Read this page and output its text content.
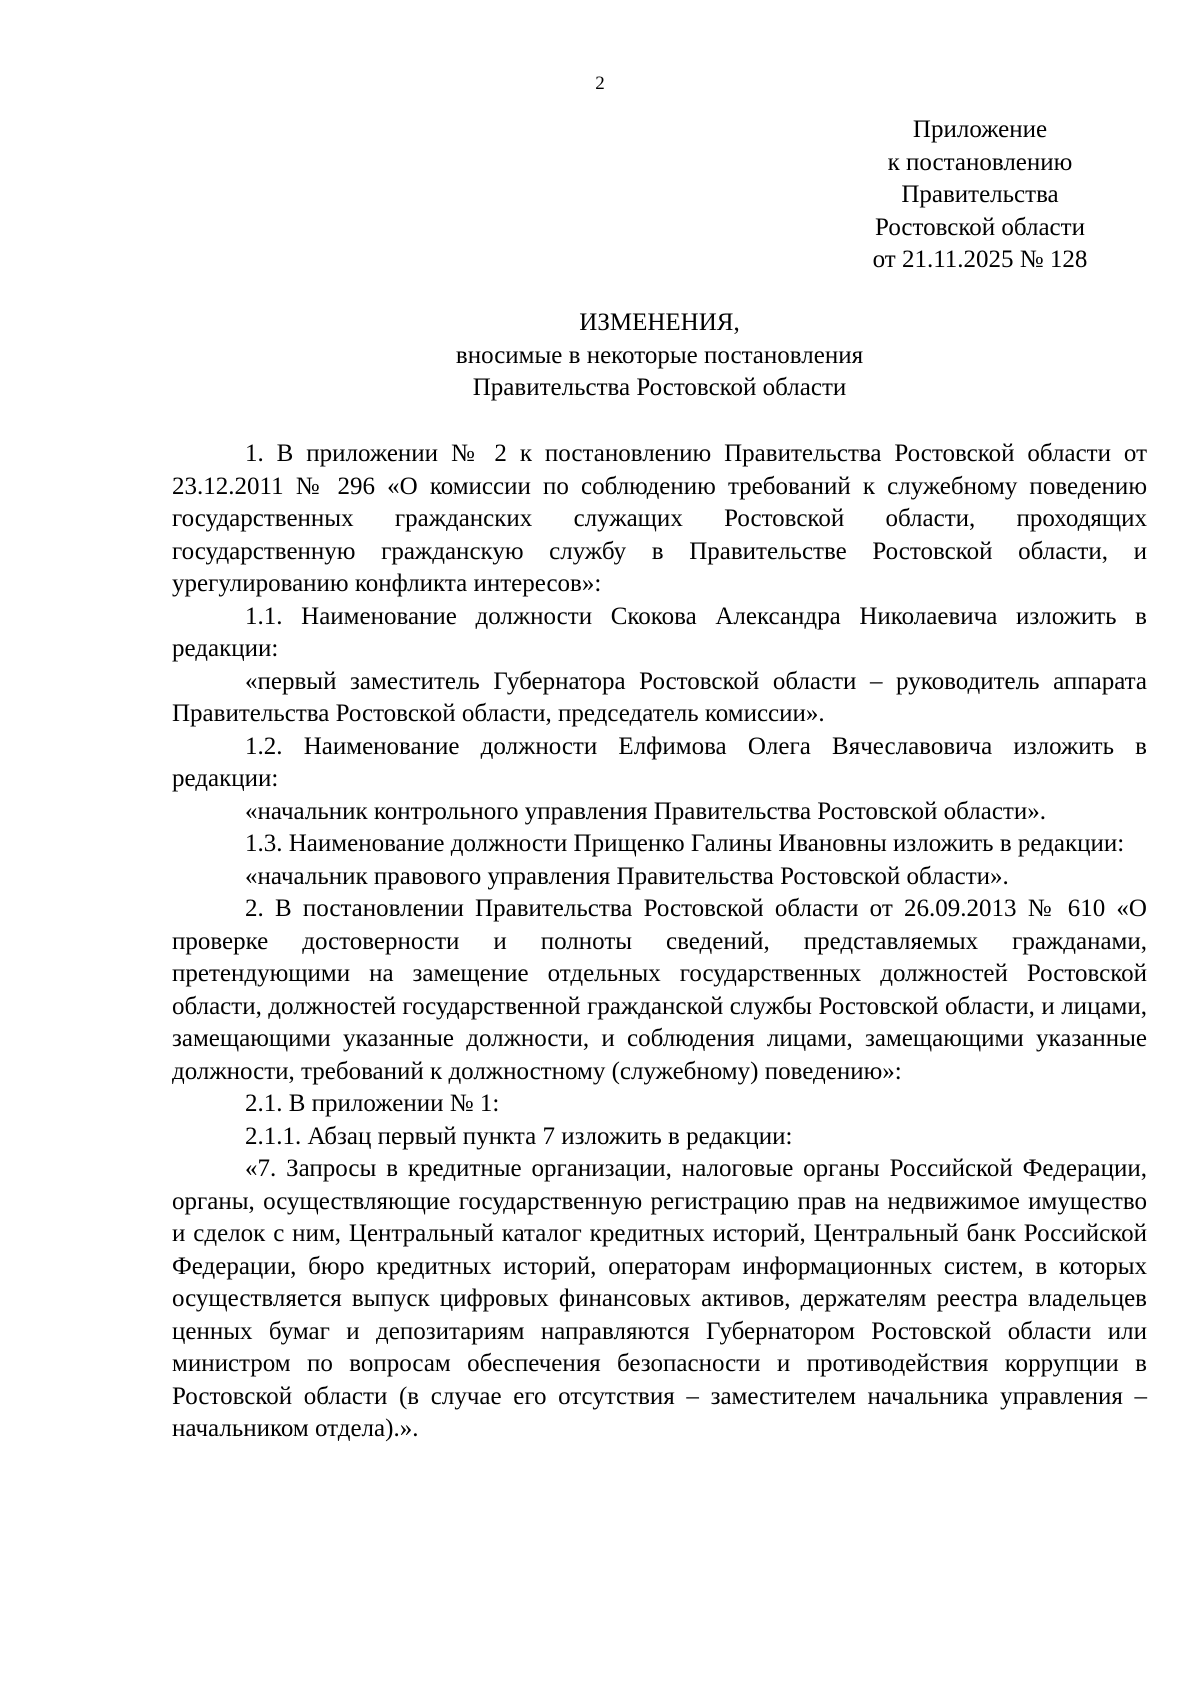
2
Приложение
к постановлению
Правительства
Ростовской области
от 21.11.2025 № 128
ИЗМЕНЕНИЯ,
вносимые в некоторые постановления
Правительства Ростовской области

1. В приложении № 2 к постановлению Правительства Ростовской области от 23.12.2011 № 296 «О комиссии по соблюдению требований к служебному поведению государственных гражданских служащих Ростовской области, проходящих государственную гражданскую службу в Правительстве Ростовской области, и урегулированию конфликта интересов»:

1.1. Наименование должности Скокова Александра Николаевича изложить в редакции:

«первый заместитель Губернатора Ростовской области – руководитель аппарата Правительства Ростовской области, председатель комиссии».

1.2. Наименование должности Елфимова Олега Вячеславовича изложить в редакции:

«начальник контрольного управления Правительства Ростовской области».

1.3. Наименование должности Прищенко Галины Ивановны изложить в редакции:

«начальник правового управления Правительства Ростовской области».

2. В постановлении Правительства Ростовской области от 26.09.2013 № 610 «О проверке достоверности и полноты сведений, представляемых гражданами, претендующими на замещение отдельных государственных должностей Ростовской области, должностей государственной гражданской службы Ростовской области, и лицами, замещающими указанные должности, и соблюдения лицами, замещающими указанные должности, требований к должностному (служебному) поведению»:

2.1. В приложении № 1:

2.1.1. Абзац первый пункта 7 изложить в редакции:

«7. Запросы в кредитные организации, налоговые органы Российской Федерации, органы, осуществляющие государственную регистрацию прав на недвижимое имущество и сделок с ним, Центральный каталог кредитных историй, Центральный банк Российской Федерации, бюро кредитных историй, операторам информационных систем, в которых осуществляется выпуск цифровых финансовых активов, держателям реестра владельцев ценных бумаг и депозитариям направляются Губернатором Ростовской области или министром по вопросам обеспечения безопасности и противодействия коррупции в Ростовской области (в случае его отсутствия – заместителем начальника управления – начальником отдела).».
